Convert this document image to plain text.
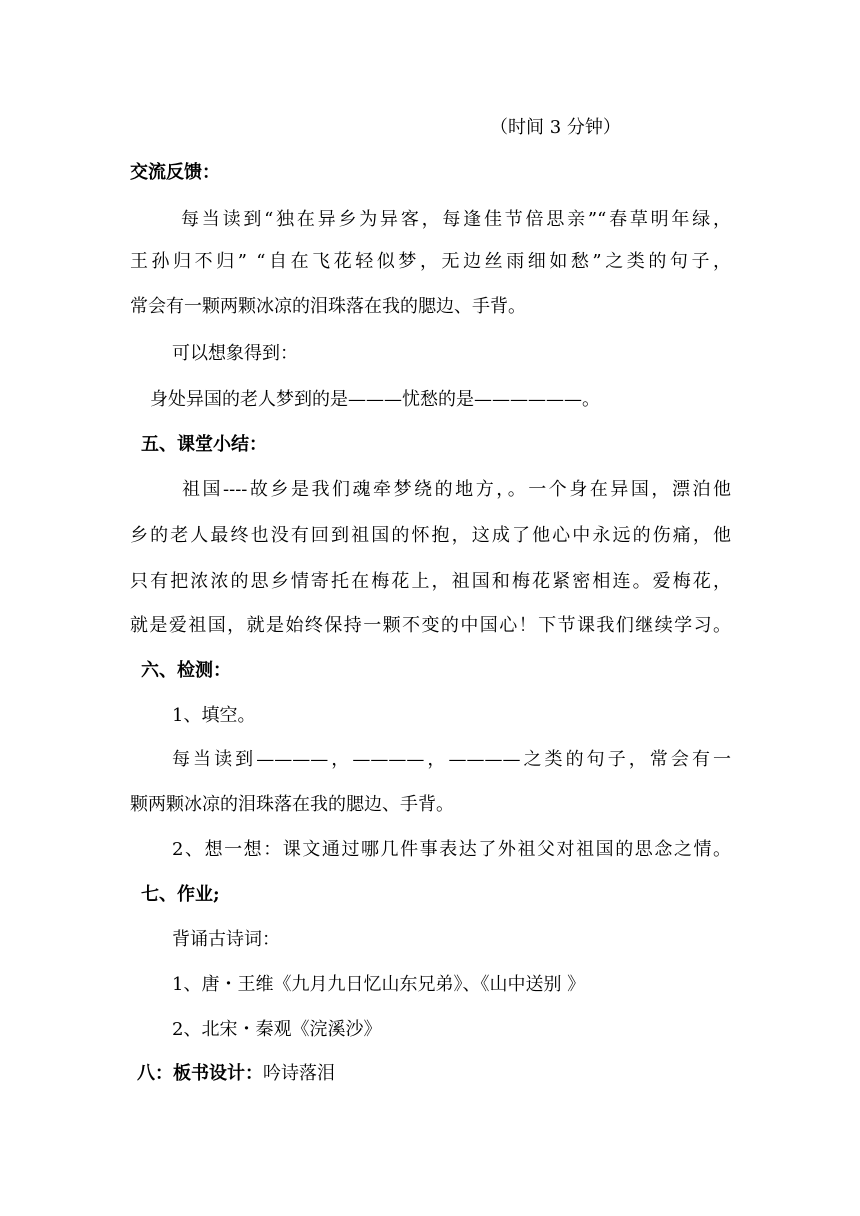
（时间 3 分钟）
交流反馈：
每当读到“独在异乡为异客，每逢佳节倍思亲”“春草明年绿，
王孙归不归” “自在飞花轻似梦，无边丝雨细如愁”之类的句子，
常会有一颗两颗冰凉的泪珠落在我的腮边、手背。
可以想象得到：
身处异国的老人梦到的是———忧愁的是——————。
五、课堂小结：
祖国----故乡是我们魂牵梦绕的地方，。一个身在异国，漂泊他
乡的老人最终也没有回到祖国的怀抱，这成了他心中永远的伤痛，他
只有把浓浓的思乡情寄托在梅花上，祖国和梅花紧密相连。爱梅花，
就是爱祖国，就是始终保持一颗不变的中国心！下节课我们继续学习。
六、检测：
1、填空。
每当读到————，————，————之类的句子，常会有一
颗两颗冰凉的泪珠落在我的腮边、手背。
2、想一想：课文通过哪几件事表达了外祖父对祖国的思念之情。
七、作业;
背诵古诗词：
1、唐・王维《九月九日忆山东兄弟》、《山中送别 》
2、北宋・秦观《浣溪沙》
八：板书设计：吟诗落泪
